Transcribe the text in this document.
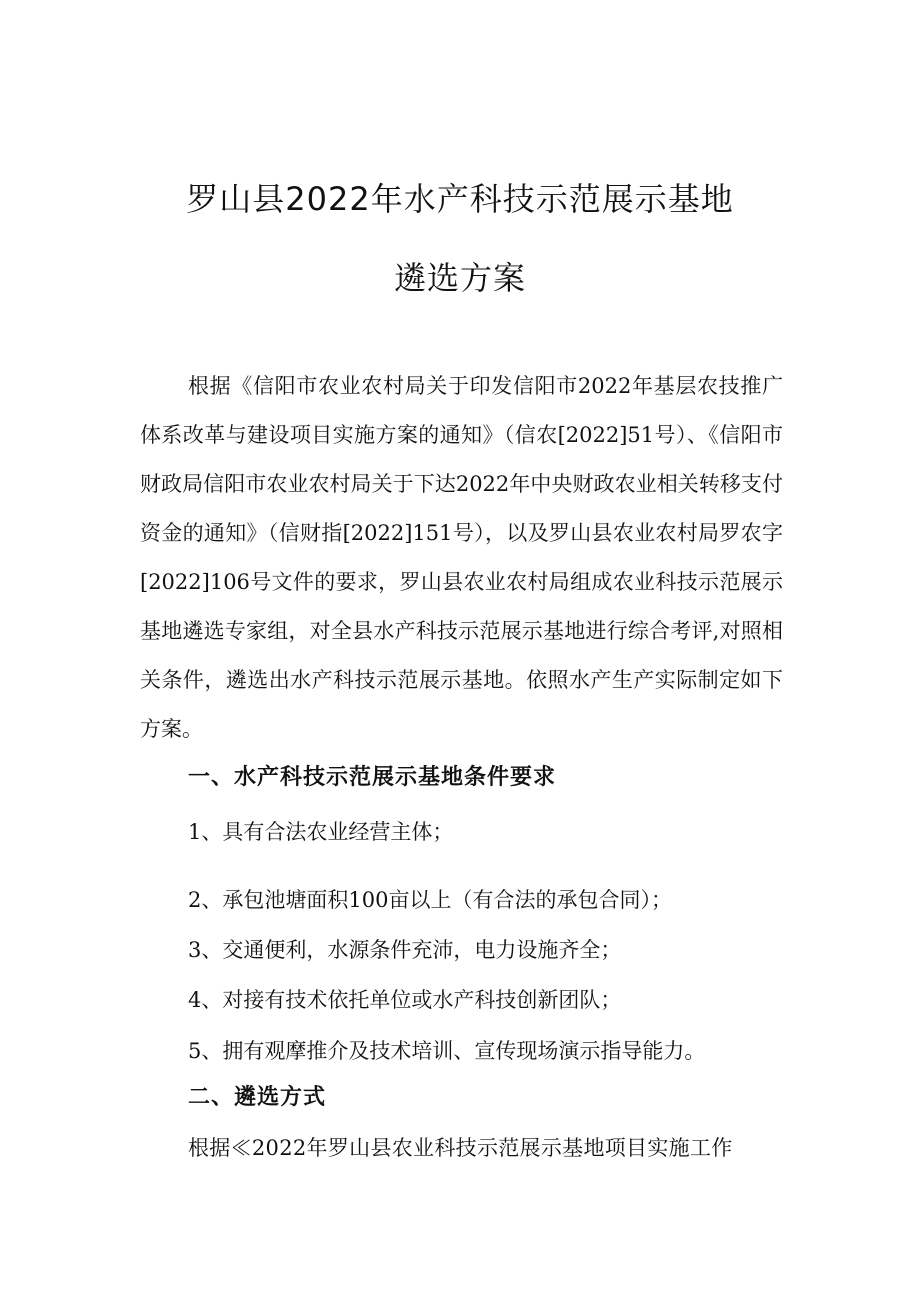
罗山县2022年水产科技示范展示基地
遴选方案

根据《信阳市农业农村局关于印发信阳市2022年基层农技推广体系改革与建设项目实施方案的通知》（信农[2022]51号）、《信阳市财政局信阳市农业农村局关于下达2022年中央财政农业相关转移支付资金的通知》（信财指[2022]151号），以及罗山县农业农村局罗农字[2022]106号文件的要求，罗山县农业农村局组成农业科技示范展示基地遴选专家组，对全县水产科技示范展示基地进行综合考评,对照相关条件，遴选出水产科技示范展示基地。依照水产生产实际制定如下方案。

一、水产科技示范展示基地条件要求

1、具有合法农业经营主体；

2、承包池塘面积100亩以上（有合法的承包合同）；

3、交通便利，水源条件充沛，电力设施齐全；

4、对接有技术依托单位或水产科技创新团队；

5、拥有观摩推介及技术培训、宣传现场演示指导能力。

二、遴选方式

根据≪2022年罗山县农业科技示范展示基地项目实施工作
